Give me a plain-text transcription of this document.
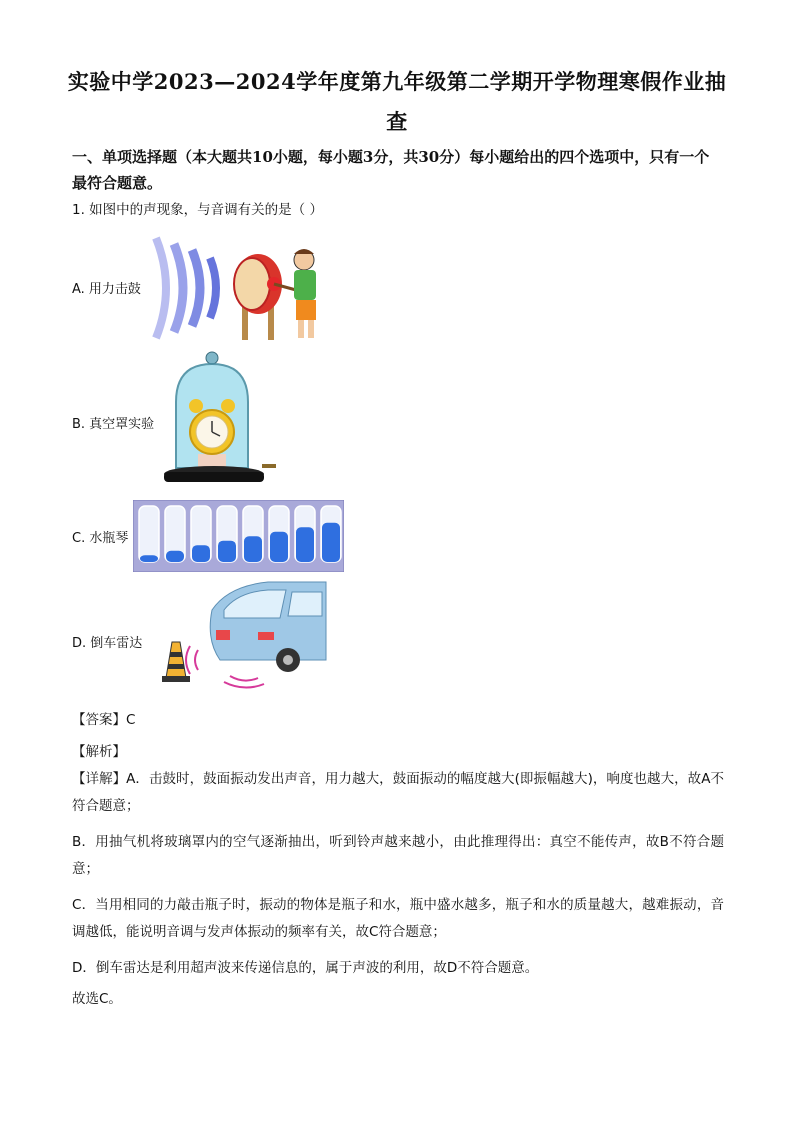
实验中学2023—2024学年度第九年级第二学期开学物理寒假作业抽查
一、单项选择题（本大题共10小题，每小题3分，共30分）每小题给出的四个选项中，只有一个最符合题意。
1. 如图中的声现象，与音调有关的是（ ）
A. 用力击鼓
B. 真空罩实验
C. 水瓶琴
D. 倒车雷达
【答案】C
【解析】
【详解】A．击鼓时，鼓面振动发出声音，用力越大，鼓面振动的幅度越大(即振幅越大)，响度也越大，故A不符合题意；
B．用抽气机将玻璃罩内的空气逐渐抽出，听到铃声越来越小，由此推理得出：真空不能传声，故B不符合题意；
C．当用相同的力敲击瓶子时，振动的物体是瓶子和水，瓶中盛水越多，瓶子和水的质量越大，越难振动，音调越低，能说明音调与发声体振动的频率有关，故C符合题意；
D．倒车雷达是利用超声波来传递信息的，属于声波的利用，故D不符合题意。
故选C。
